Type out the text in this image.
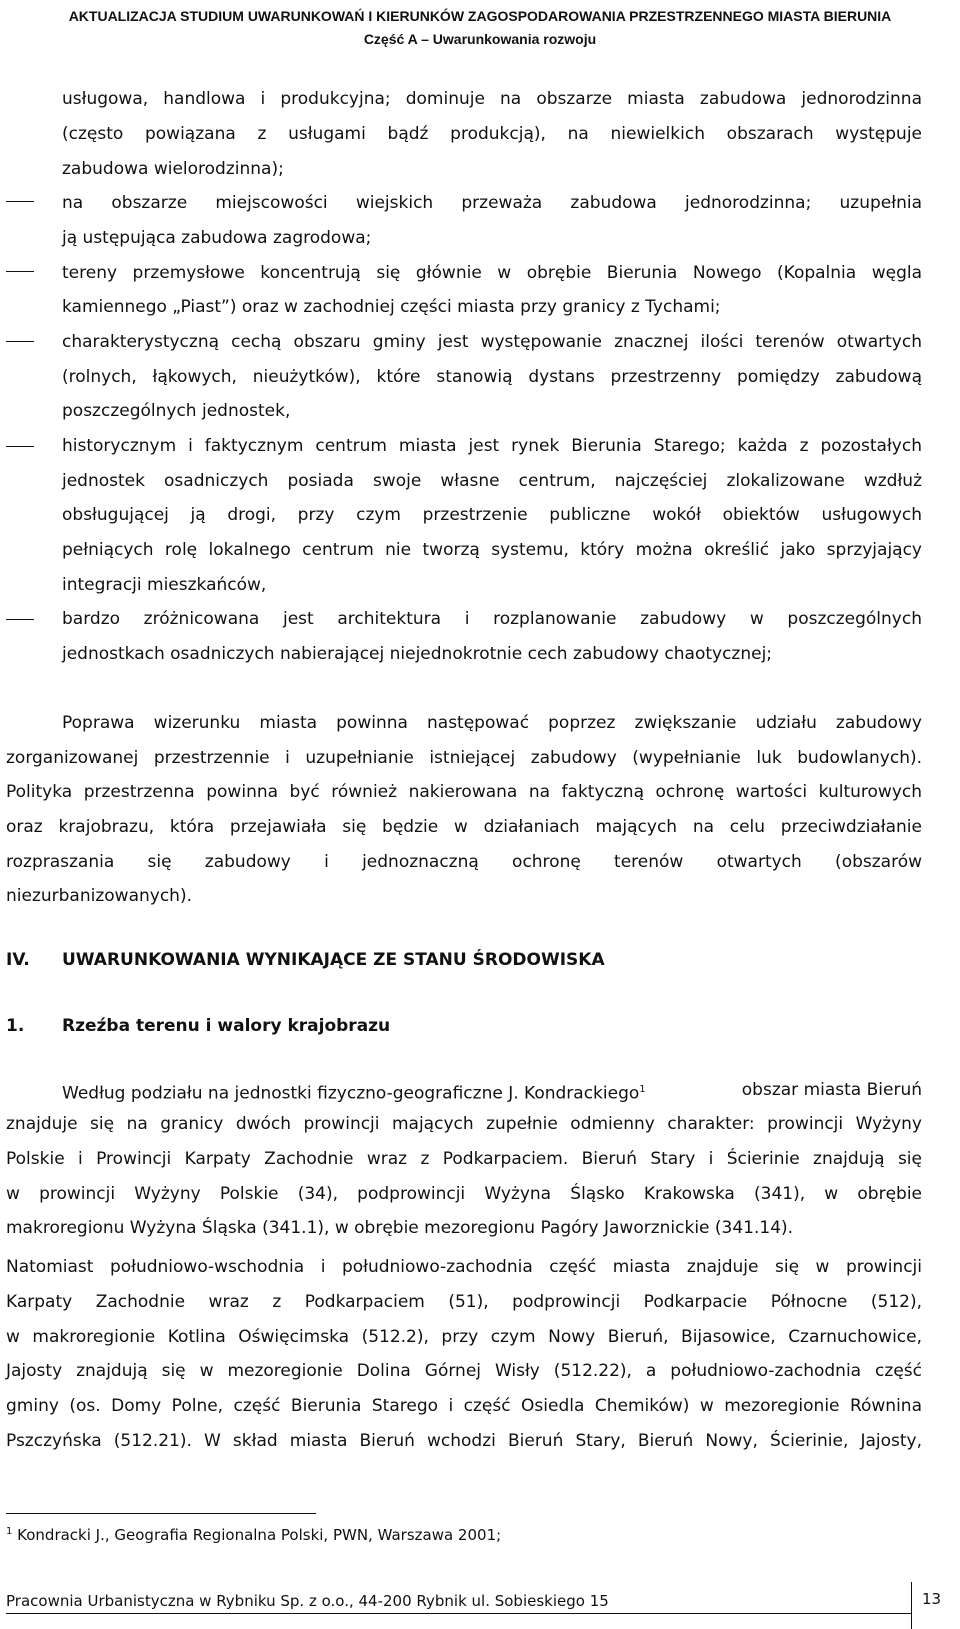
AKTUALIZACJA STUDIUM UWARUNKOWAŃ I KIERUNKÓW ZAGOSPODAROWANIA PRZESTRZENNEGO MIASTA BIERUNIA
Część A – Uwarunkowania rozwoju
usługowa, handlowa i produkcyjna; dominuje na obszarze miasta zabudowa jednorodzinna
(często powiązana z usługami bądź produkcją), na niewielkich obszarach występuje
zabudowa wielorodzinna);
na obszarze miejscowości wiejskich przeważa zabudowa jednorodzinna; uzupełnia
ją ustępująca zabudowa zagrodowa;
tereny przemysłowe koncentrują się głównie w obrębie Bierunia Nowego (Kopalnia węgla
kamiennego „Piast”) oraz w zachodniej części miasta przy granicy z Tychami;
charakterystyczną cechą obszaru gminy jest występowanie znacznej ilości terenów otwartych
(rolnych, łąkowych, nieużytków), które stanowią dystans przestrzenny pomiędzy zabudową
poszczególnych jednostek,
historycznym i faktycznym centrum miasta jest rynek Bierunia Starego; każda z pozostałych
jednostek osadniczych posiada swoje własne centrum, najczęściej zlokalizowane wzdłuż
obsługującej ją drogi, przy czym przestrzenie publiczne wokół obiektów usługowych
pełniących rolę lokalnego centrum nie tworzą systemu, który można określić jako sprzyjający
integracji mieszkańców,
bardzo zróżnicowana jest architektura i rozplanowanie zabudowy w poszczególnych
jednostkach osadniczych nabierającej niejednokrotnie cech zabudowy chaotycznej;
Poprawa wizerunku miasta powinna następować poprzez zwiększanie udziału zabudowy
zorganizowanej przestrzennie i uzupełnianie istniejącej zabudowy (wypełnianie luk budowlanych).
Polityka przestrzenna powinna być również nakierowana na faktyczną ochronę wartości kulturowych
oraz krajobrazu, która przejawiała się będzie w działaniach mających na celu przeciwdziałanie
rozpraszania się zabudowy i jednoznaczną ochronę terenów otwartych (obszarów
niezurbanizowanych).
IV. UWARUNKOWANIA WYNIKAJĄCE ZE STANU ŚRODOWISKA
1. Rzeźba terenu i walory krajobrazu
Według podziału na jednostki fizyczno-geograficzne J. Kondrackiego$^1$	obszar miasta Bieruń
znajduje się na granicy dwóch prowincji mających zupełnie odmienny charakter: prowincji Wyżyny
Polskie i Prowincji Karpaty Zachodnie wraz z Podkarpaciem. Bieruń Stary i Ścierinie znajdują się
w prowincji Wyżyny Polskie (34), podprowincji Wyżyna Śląsko Krakowska (341), w obrębie
makroregionu Wyżyna Śląska (341.1), w obrębie mezoregionu Pagóry Jaworznickie (341.14).
Natomiast południowo-wschodnia i południowo-zachodnia część miasta znajduje się w prowincji
Karpaty Zachodnie wraz z Podkarpaciem (51), podprowincji Podkarpacie Północne (512),
w makroregionie Kotlina Oświęcimska (512.2), przy czym Nowy Bieruń, Bijasowice, Czarnuchowice,
Jajosty znajdują się w mezoregionie Dolina Górnej Wisły (512.22), a południowo-zachodnia część
gminy (os. Domy Polne, część Bierunia Starego i część Osiedla Chemików) w mezoregionie Równina
Pszczyńska (512.21). W skład miasta Bieruń wchodzi Bieruń Stary, Bieruń Nowy, Ścierinie, Jajosty,
$^1$ Kondracki J., Geografia Regionalna Polski, PWN, Warszawa 2001;
Pracownia Urbanistyczna w Rybniku Sp. z o.o., 44-200 Rybnik ul. Sobieskiego 15	13
